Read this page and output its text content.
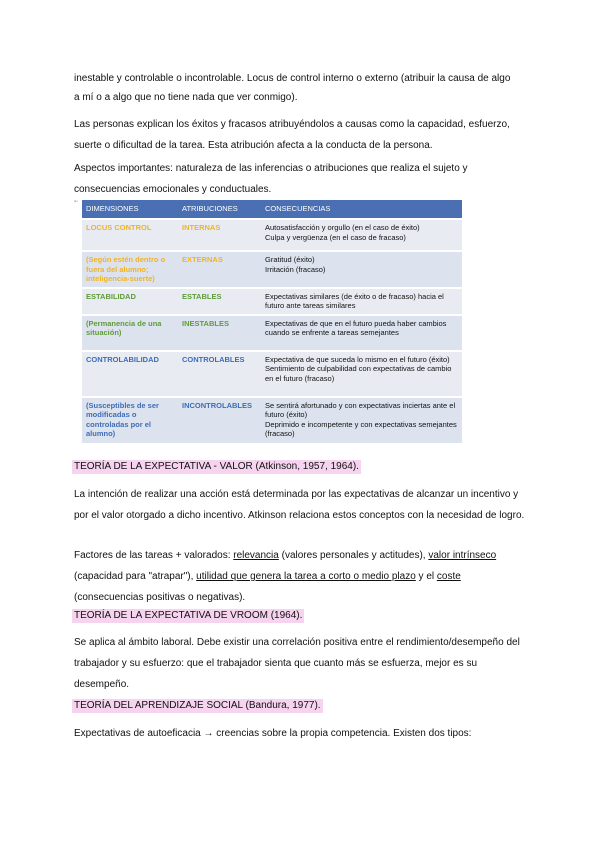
inestable y controlable o incontrolable. Locus de control interno o externo (atribuir la causa de algo

a mí o a algo que no tiene nada que ver conmigo).

Las personas explican los éxitos y fracasos atribuyéndolos a causas como la capacidad, esfuerzo, suerte o dificultad de la tarea. Esta atribución afecta a la conducta de la persona.

Aspectos importantes: naturaleza de las inferencias o atribuciones que realiza el sujeto y consecuencias emocionales y conductuales.

▪▫
DIMENSIONES	ATRIBUCIONES	CONSECUENCIAS
LOCUS CONTROL	INTERNAS	Autosatisfacción y orgullo (en el caso de éxito)
Culpa y vergüenza (en el caso de fracaso)
(Según estén dentro o fuera del alumno; inteligencia-suerte)	EXTERNAS	Gratitud (éxito)
Irritación (fracaso)
ESTABILIDAD	ESTABLES	Expectativas similares (de éxito o de fracaso) hacia el futuro ante tareas similares
(Permanencia de una situación)	INESTABLES	Expectativas de que en el futuro pueda haber cambios cuando se enfrente a tareas semejantes
CONTROLABILIDAD	CONTROLABLES	Expectativa de que suceda lo mismo en el futuro (éxito)
Sentimiento de culpabilidad con expectativas de cambio en el futuro (fracaso)
(Susceptibles de ser modificadas o controladas por el alumno)	INCONTROLABLES	Se sentirá afortunado y con expectativas inciertas ante el futuro (éxito)
Deprimido e incompetente y con expectativas semejantes (fracaso)
TEORÍA DE LA EXPECTATIVA - VALOR (Atkinson, 1957, 1964).

La intención de realizar una acción está determinada por las expectativas de alcanzar un incentivo y por el valor otorgado a dicho incentivo. Atkinson relaciona estos conceptos con la necesidad de logro.

Factores de las tareas + valorados: relevancia (valores personales y actitudes), valor intrínseco (capacidad para "atrapar"), utilidad que genera la tarea a corto o medio plazo y el coste (consecuencias positivas o negativas).

TEORÍA DE LA EXPECTATIVA DE VROOM (1964).

Se aplica al ámbito laboral. Debe existir una correlación positiva entre el rendimiento/desempeño del trabajador y su esfuerzo: que el trabajador sienta que cuanto más se esfuerza, mejor es su desempeño.

TEORÍA DEL APRENDIZAJE SOCIAL (Bandura, 1977).

Expectativas de autoeficacia → creencias sobre la propia competencia. Existen dos tipos:
